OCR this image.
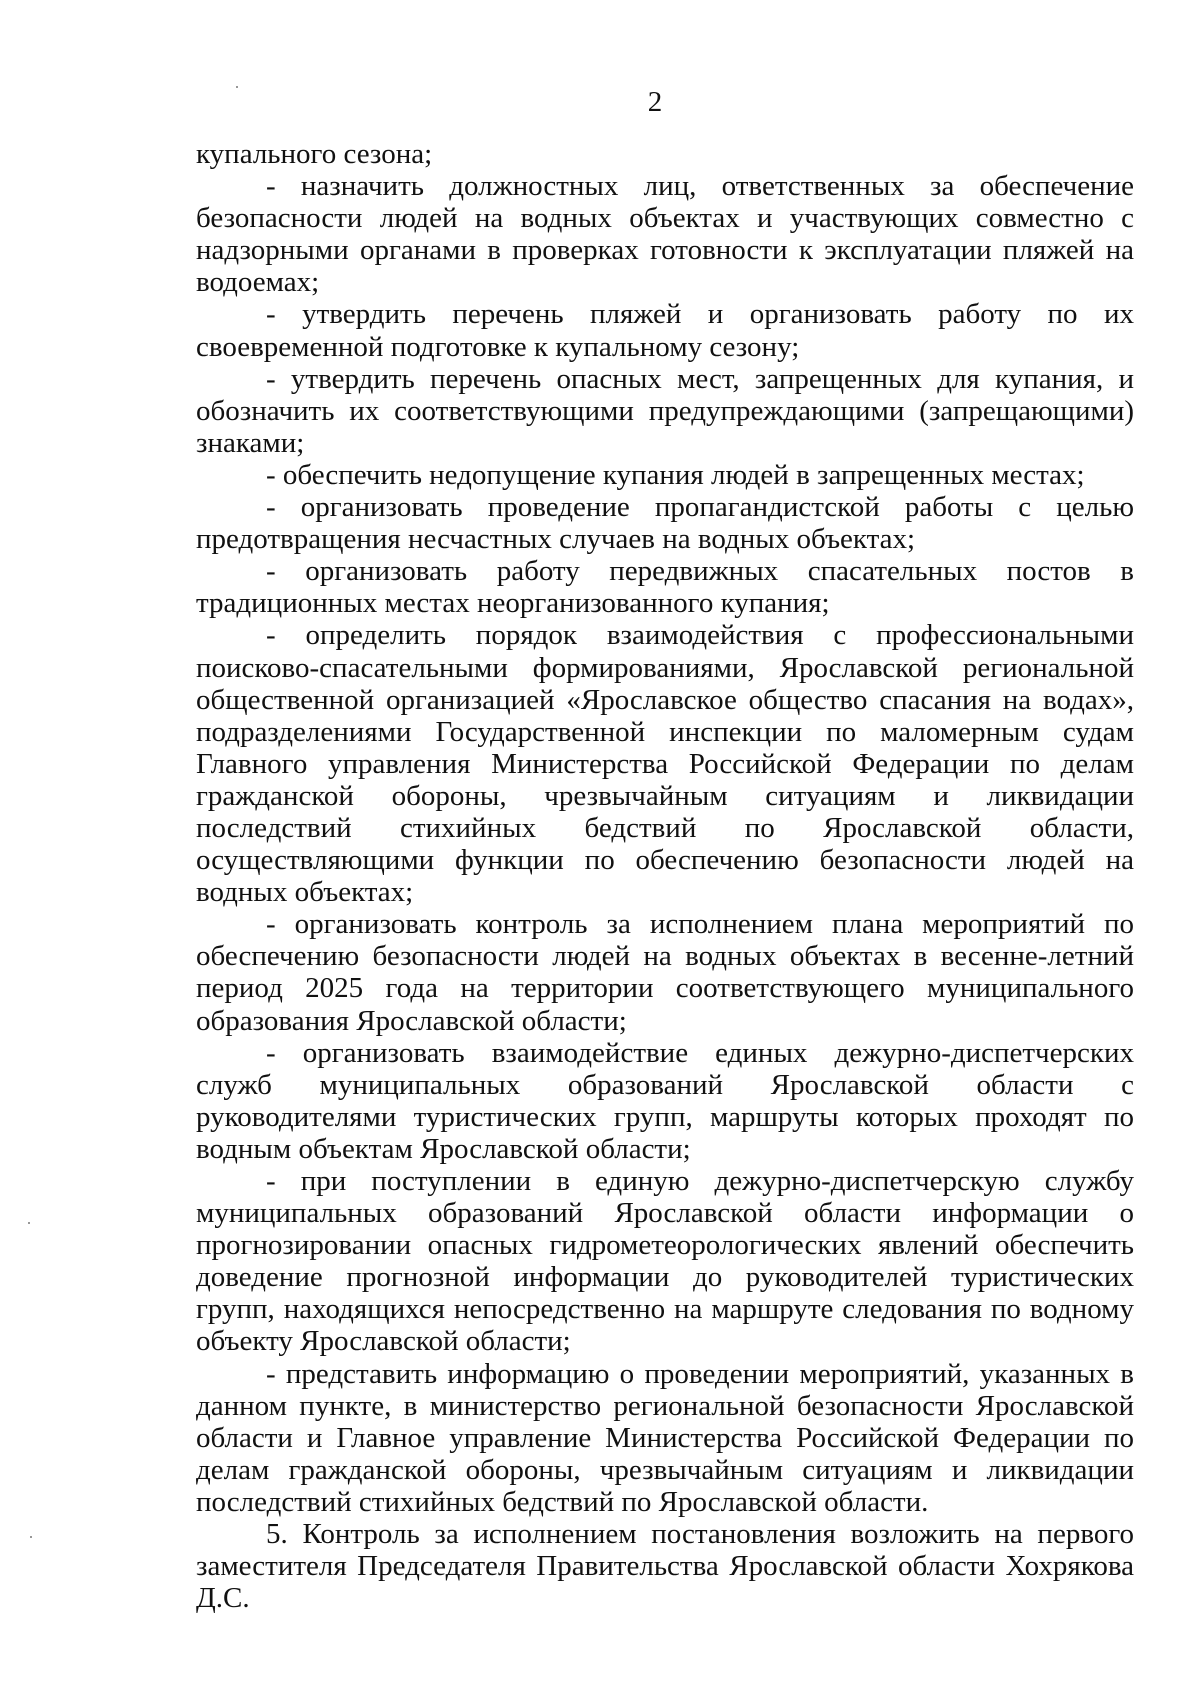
2

купального сезона;

- назначить должностных лиц, ответственных за обеспечение безопасности людей на водных объектах и участвующих совместно с надзорными органами в проверках готовности к эксплуатации пляжей на водоемах;

- утвердить перечень пляжей и организовать работу по их своевременной подготовке к купальному сезону;

- утвердить перечень опасных мест, запрещенных для купания, и обозначить их соответствующими предупреждающими (запрещающими) знаками;

- обеспечить недопущение купания людей в запрещенных местах;

- организовать проведение пропагандистской работы с целью предотвращения несчастных случаев на водных объектах;

- организовать работу передвижных спасательных постов в традиционных местах неорганизованного купания;

- определить порядок взаимодействия с профессиональными поисково-спасательными формированиями, Ярославской региональной общественной организацией «Ярославское общество спасания на водах», подразделениями Государственной инспекции по маломерным судам Главного управления Министерства Российской Федерации по делам гражданской обороны, чрезвычайным ситуациям и ликвидации последствий стихийных бедствий по Ярославской области, осуществляющими функции по обеспечению безопасности людей на водных объектах;

- организовать контроль за исполнением плана мероприятий по обеспечению безопасности людей на водных объектах в весенне-летний период 2025 года на территории соответствующего муниципального образования Ярославской области;

- организовать взаимодействие единых дежурно-диспетчерских служб муниципальных образований Ярославской области с руководителями туристических групп, маршруты которых проходят по водным объектам Ярославской области;

- при поступлении в единую дежурно-диспетчерскую службу муниципальных образований Ярославской области информации о прогнозировании опасных гидрометеорологических явлений обеспечить доведение прогнозной информации до руководителей туристических групп, находящихся непосредственно на маршруте следования по водному объекту Ярославской области;

- представить информацию о проведении мероприятий, указанных в данном пункте, в министерство региональной безопасности Ярославской области и Главное управление Министерства Российской Федерации по делам гражданской обороны, чрезвычайным ситуациям и ликвидации последствий стихийных бедствий по Ярославской области.

5. Контроль за исполнением постановления возложить на первого заместителя Председателя Правительства Ярославской области Хохрякова Д.С.
